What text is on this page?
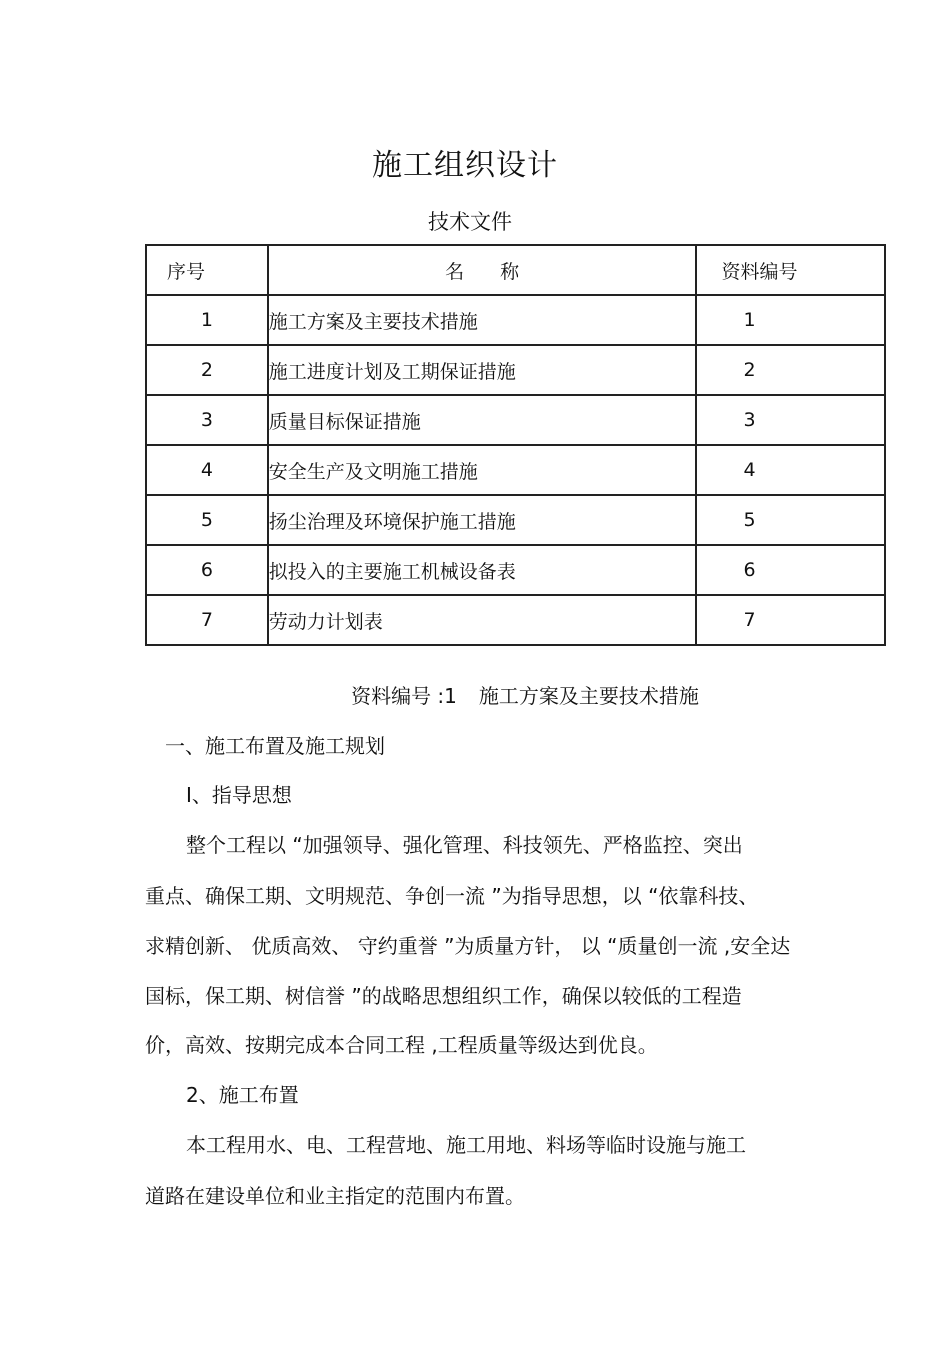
施工组织设计
技术文件
序号	名 称	资料编号
1	施工方案及主要技术措施	1
2	施工进度计划及工期保证措施	2
3	质量目标保证措施	3
4	安全生产及文明施工措施	4
5	扬尘治理及环境保护施工措施	5
6	拟投入的主要施工机械设备表	6
7	劳动力计划表	7
资料编号 :1 施工方案及主要技术措施
一、施工布置及施工规划
I、指导思想
整个工程以 “加强领导、强化管理、科技领先、严格监控、突出
重点、确保工期、文明规范、争创一流 ”为指导思想，以 “依靠科技、
求精创新、 优质高效、 守约重誉 ”为质量方针， 以 “质量创一流 ,安全达
国标，保工期、树信誉 ”的战略思想组织工作，确保以较低的工程造
价，高效、按期完成本合同工程 ,工程质量等级达到优良。
2、施工布置
本工程用水、电、工程营地、施工用地、料场等临时设施与施工
道路在建设单位和业主指定的范围内布置。
